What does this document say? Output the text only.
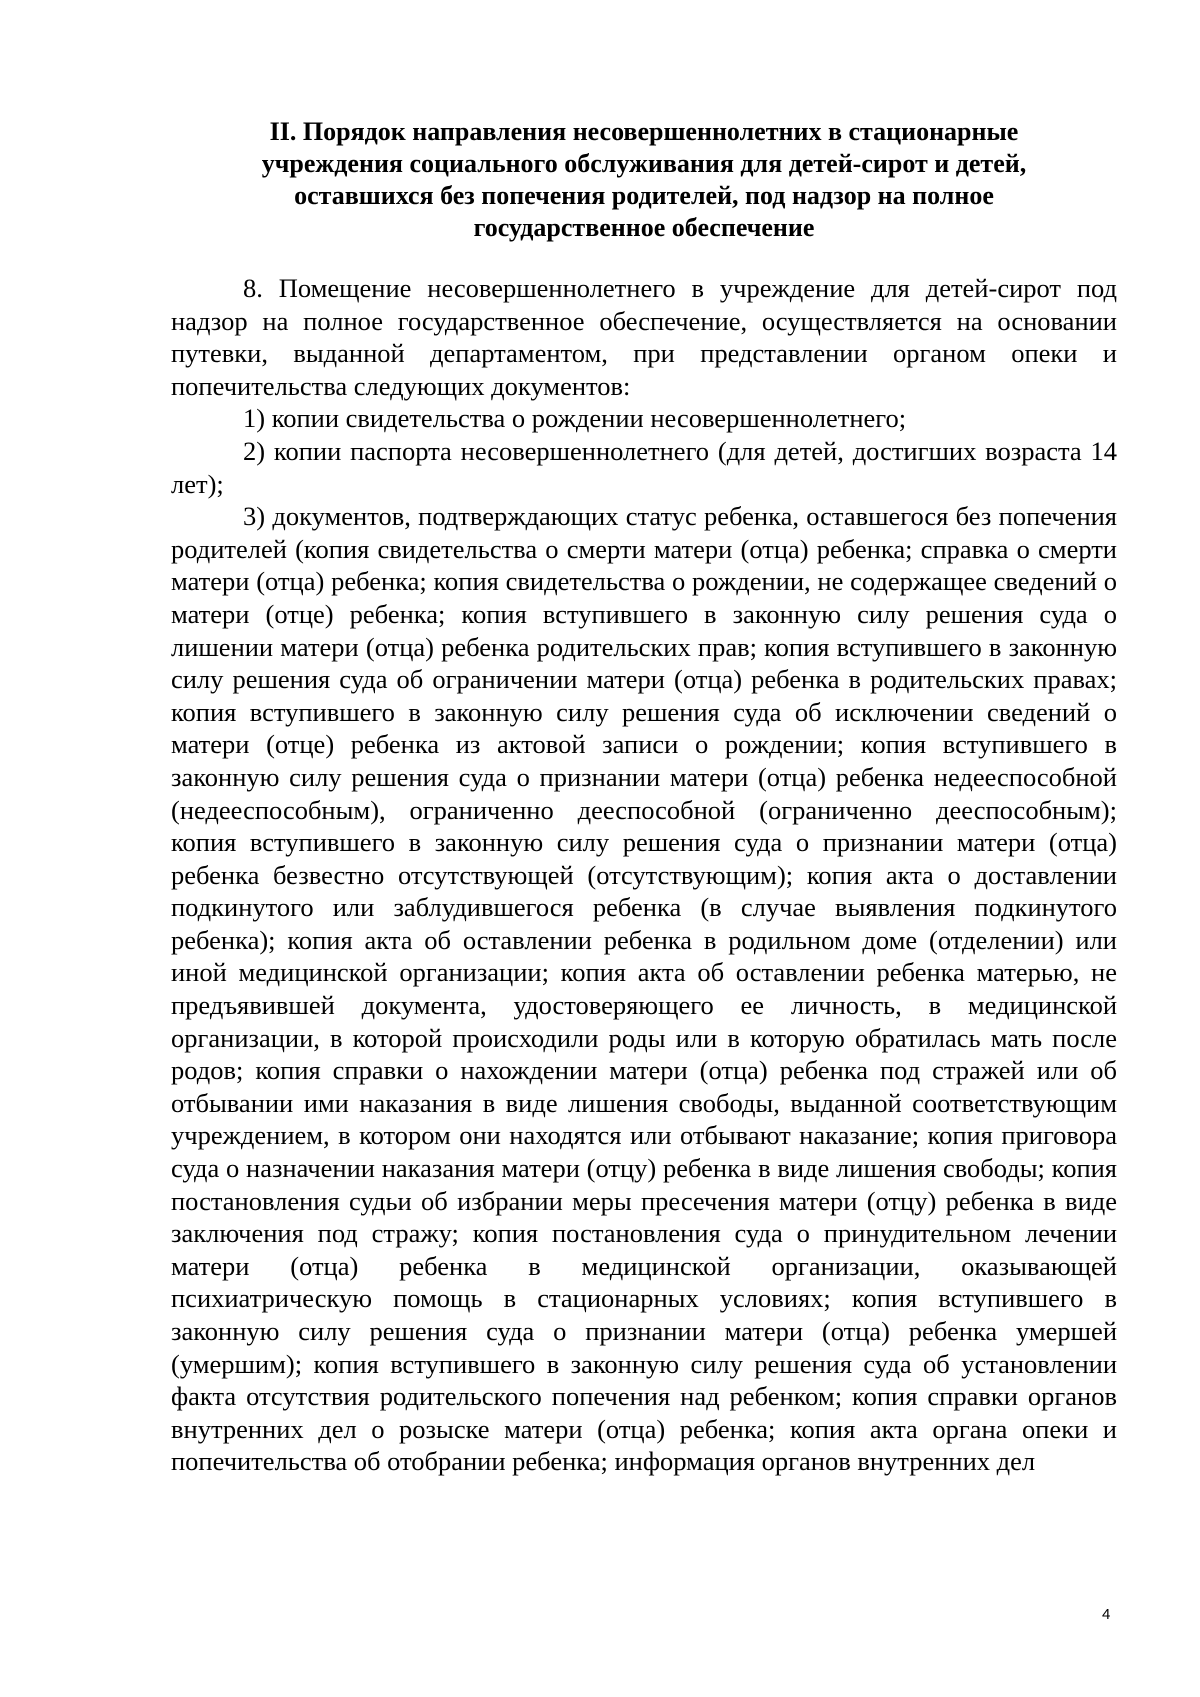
II. Порядок направления несовершеннолетних в стационарные
учреждения социального обслуживания для детей-сирот и детей,
оставшихся без попечения родителей, под надзор на полное
государственное обеспечение

8. Помещение несовершеннолетнего в учреждение для детей-сирот под надзор на полное государственное обеспечение, осуществляется на основании путевки, выданной департаментом, при представлении органом опеки и попечительства следующих документов:

1) копии свидетельства о рождении несовершеннолетнего;

2) копии паспорта несовершеннолетнего (для детей, достигших возраста 14 лет);

3) документов, подтверждающих статус ребенка, оставшегося без попечения родителей (копия свидетельства о смерти матери (отца) ребенка; справка о смерти матери (отца) ребенка; копия свидетельства о рождении, не содержащее сведений о матери (отце) ребенка; копия вступившего в законную силу решения суда о лишении матери (отца) ребенка родительских прав; копия вступившего в законную силу решения суда об ограничении матери (отца) ребенка в родительских правах; копия вступившего в законную силу решения суда об исключении сведений о матери (отце) ребенка из актовой записи о рождении; копия вступившего в законную силу решения суда о признании матери (отца) ребенка недееспособной (недееспособным), ограниченно дееспособной (ограниченно дееспособным); копия вступившего в законную силу решения суда о признании матери (отца) ребенка безвестно отсутствующей (отсутствующим); копия акта о доставлении подкинутого или заблудившегося ребенка (в случае выявления подкинутого ребенка); копия акта об оставлении ребенка в родильном доме (отделении) или иной медицинской организации; копия акта об оставлении ребенка матерью, не предъявившей документа, удостоверяющего ее личность, в медицинской организации, в которой происходили роды или в которую обратилась мать после родов; копия справки о нахождении матери (отца) ребенка под стражей или об отбывании ими наказания в виде лишения свободы, выданной соответствующим учреждением, в котором они находятся или отбывают наказание; копия приговора суда о назначении наказания матери (отцу) ребенка в виде лишения свободы; копия постановления судьи об избрании меры пресечения матери (отцу) ребенка в виде заключения под стражу; копия постановления суда о принудительном лечении матери (отца) ребенка в медицинской организации, оказывающей психиатрическую помощь в стационарных условиях; копия вступившего в законную силу решения суда о признании матери (отца) ребенка умершей (умершим); копия вступившего в законную силу решения суда об установлении факта отсутствия родительского попечения над ребенком; копия справки органов внутренних дел о розыске матери (отца) ребенка; копия акта органа опеки и попечительства об отобрании ребенка; информация органов внутренних дел

4
